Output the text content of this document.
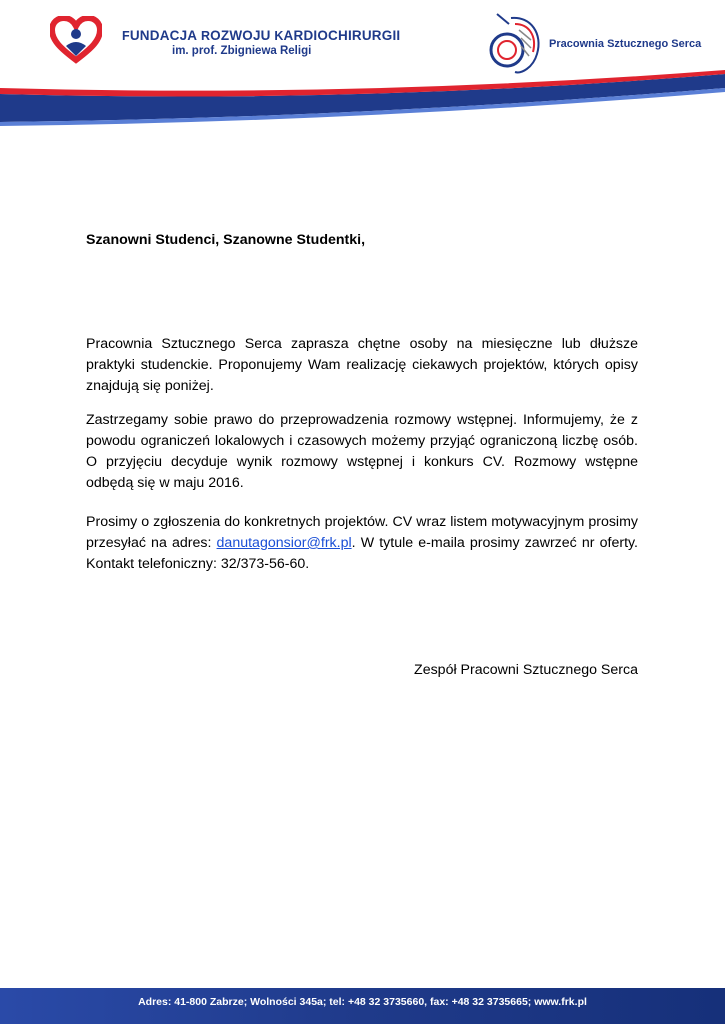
FUNDACJA ROZWOJU KARDIOCHIRURGII
im. prof. Zbigniewa Religi
Pracownia Sztucznego Serca
Szanowni Studenci, Szanowne Studentki,
Pracownia Sztucznego Serca zaprasza chętne osoby na miesięczne lub dłuższe praktyki studenckie. Proponujemy Wam realizację ciekawych projektów, których opisy znajdują się poniżej.
Zastrzegamy sobie prawo do przeprowadzenia rozmowy wstępnej. Informujemy, że z powodu ograniczeń lokalowych i czasowych możemy przyjąć ograniczoną liczbę osób. O przyjęciu decyduje wynik rozmowy wstępnej i konkurs CV. Rozmowy wstępne odbędą się w maju 2016.
Prosimy o zgłoszenia do konkretnych projektów. CV wraz listem motywacyjnym prosimy przesyłać na adres: danutagonsior@frk.pl. W tytule e-maila prosimy zawrzeć nr oferty. Kontakt telefoniczny: 32/373-56-60.
Zespół Pracowni Sztucznego Serca
Adres: 41-800 Zabrze; Wolności 345a; tel: +48 32 3735660, fax: +48 32 3735665; www.frk.pl
